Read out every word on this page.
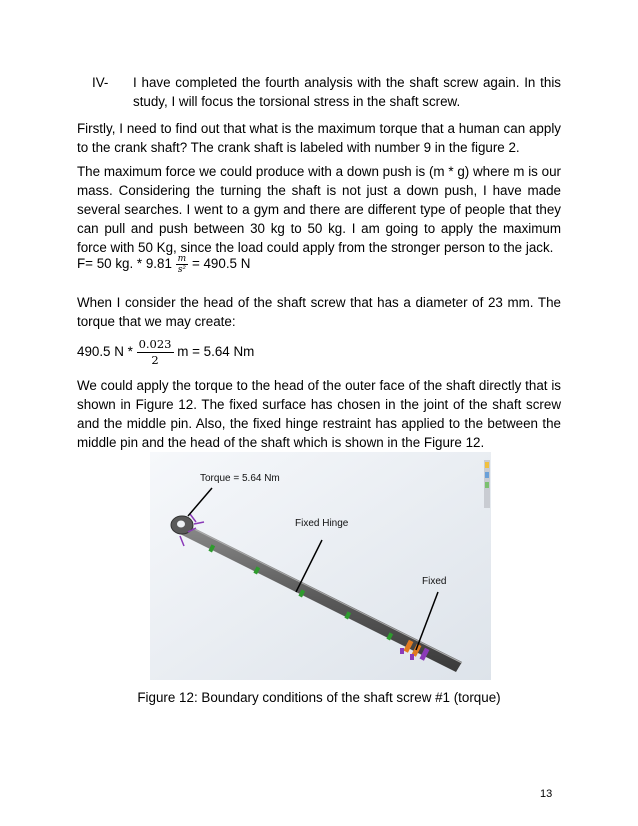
IV- I have completed the fourth analysis with the shaft screw again. In this study, I will focus the torsional stress in the shaft screw.

Firstly, I need to find out that what is the maximum torque that a human can apply to the crank shaft? The crank shaft is labeled with number 9 in the figure 2.

The maximum force we could produce with a down push is (m * g) where m is our mass. Considering the turning the shaft is not just a down push, I have made several searches. I went to a gym and there are different type of people that they can pull and push between 30 kg to 50 kg. I am going to apply the maximum force with 50 Kg, since the load could apply from the stronger person to the jack.

F= 50 kg. * $9.81 \frac{m}{\text{s²}} = 490.5$ N

When I consider the head of the shaft screw that has a diameter of 23 mm. The torque that we may create:

490.5 N * $\frac{0.023}{2}$ m = 5.64 Nm

We could apply the torque to the head of the outer face of the shaft directly that is shown in Figure 12. The fixed surface has chosen in the joint of the shaft screw and the middle pin. Also, the fixed hinge restraint has applied to the between the middle pin and the head of the shaft which is shown in the Figure 12.

Torque = 5.64 Nm
Fixed Hinge
Fixed
Figure 12: Boundary conditions of the shaft screw #1 (torque)
13
